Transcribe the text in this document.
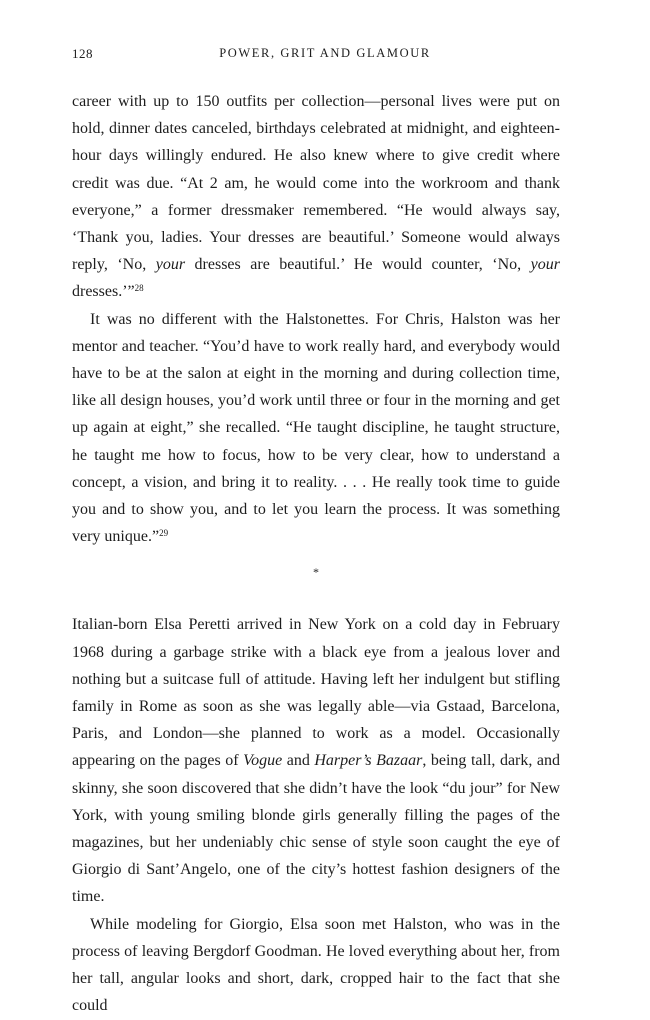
128	POWER, GRIT AND GLAMOUR

career with up to 150 outfits per collection—personal lives were put on hold, dinner dates canceled, birthdays celebrated at midnight, and eighteen-hour days willingly endured. He also knew where to give credit where credit was due. “At 2 am, he would come into the workroom and thank everyone,” a former dressmaker remembered. “He would always say, ‘Thank you, ladies. Your dresses are beautiful.’ Someone would always reply, ‘No, your dresses are beautiful.’ He would counter, ‘No, your dresses.’”$^{28}$

It was no different with the Halstonettes. For Chris, Halston was her mentor and teacher. “You’d have to work really hard, and everybody would have to be at the salon at eight in the morning and during collection time, like all design houses, you’d work until three or four in the morning and get up again at eight,” she recalled. “He taught discipline, he taught structure, he taught me how to focus, how to be very clear, how to understand a concept, a vision, and bring it to reality. . . . He really took time to guide you and to show you, and to let you learn the process. It was something very unique.”$^{29}$

*

Italian-born Elsa Peretti arrived in New York on a cold day in February 1968 during a garbage strike with a black eye from a jealous lover and nothing but a suitcase full of attitude. Having left her indulgent but stifling family in Rome as soon as she was legally able—via Gstaad, Barcelona, Paris, and London—she planned to work as a model. Occasionally appearing on the pages of Vogue and Harper’s Bazaar, being tall, dark, and skinny, she soon discovered that she didn’t have the look “du jour” for New York, with young smiling blonde girls generally filling the pages of the magazines, but her undeniably chic sense of style soon caught the eye of Giorgio di Sant’Angelo, one of the city’s hottest fashion designers of the time.

While modeling for Giorgio, Elsa soon met Halston, who was in the process of leaving Bergdorf Goodman. He loved everything about her, from her tall, angular looks and short, dark, cropped hair to the fact that she could
